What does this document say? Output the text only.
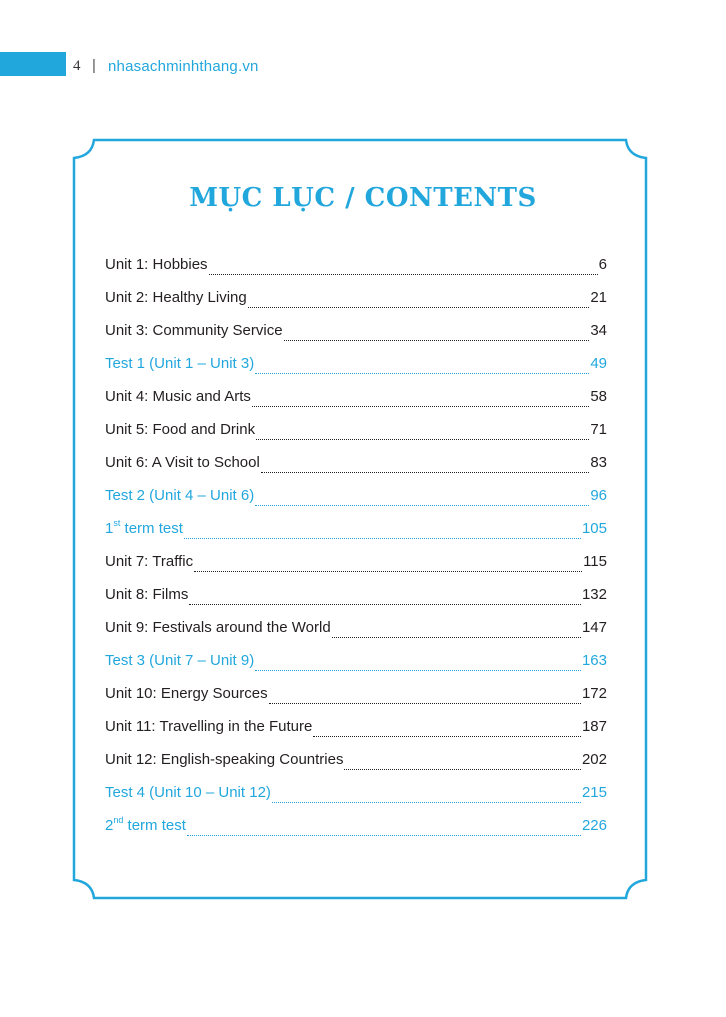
4 | nhasachminhthang.vn
MỤC LỤC / CONTENTS
Unit 1: Hobbies	6
Unit 2: Healthy Living	21
Unit 3: Community Service	34
Test 1 (Unit 1 – Unit 3)	49
Unit 4: Music and Arts	58
Unit 5: Food and Drink	71
Unit 6: A Visit to School	83
Test 2 (Unit 4 – Unit 6)	96
1st term test	105
Unit 7: Traffic	115
Unit 8: Films	132
Unit 9: Festivals around the World	147
Test 3 (Unit 7 – Unit 9)	163
Unit 10: Energy Sources	172
Unit 11: Travelling in the Future	187
Unit 12: English-speaking Countries	202
Test 4 (Unit 10 – Unit 12)	215
2nd term test	226
